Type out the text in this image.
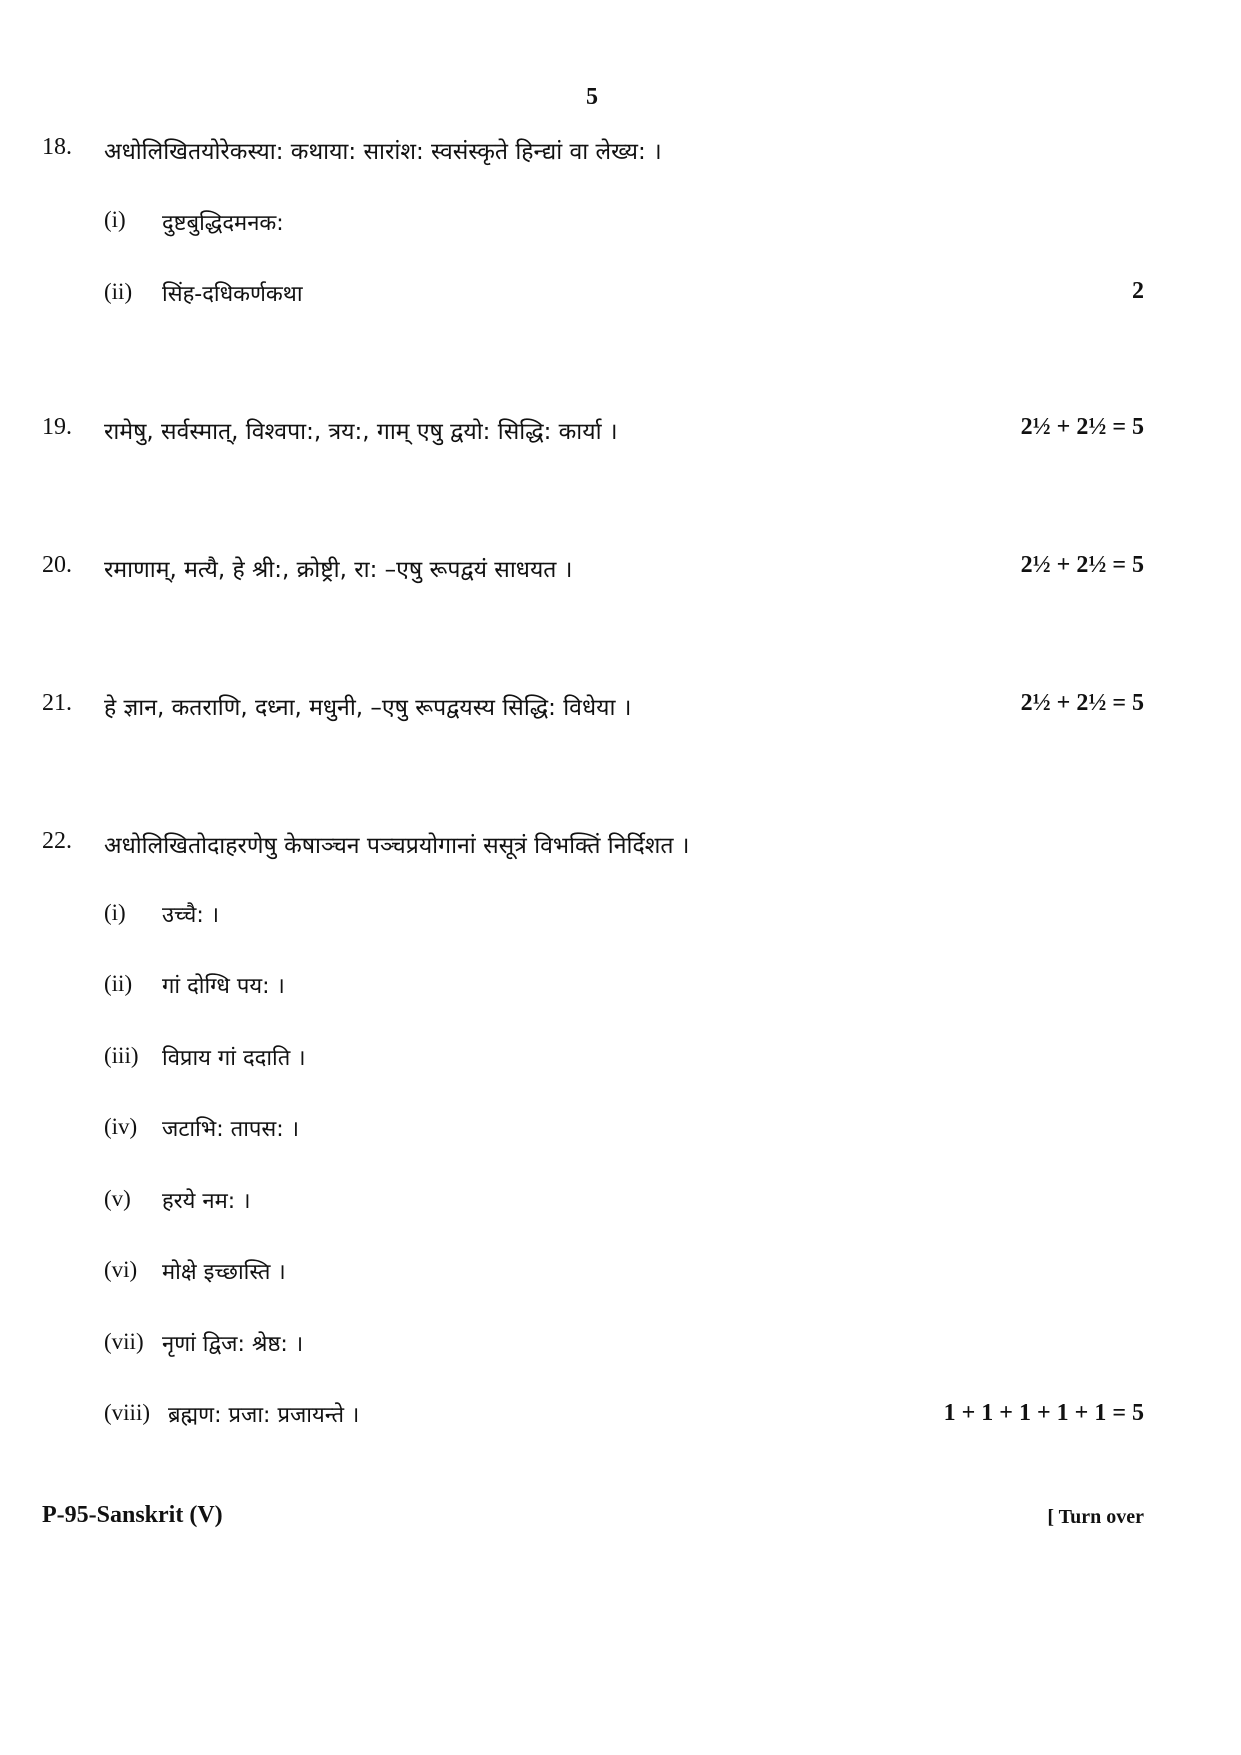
5
18. अधोलिखितयोरेकस्या: कथाया: सारांश: स्वसंस्कृते हिन्द्यां वा लेख्य: ।
(i) दुष्टबुद्धिदमनक:
(ii) सिंह-दधिकर्णकथा	2
19. रामेषु, सर्वस्मात्, विश्वपा:, त्रय:, गाम् एषु द्वयो: सिद्धि: कार्या ।	2½ + 2½ = 5
20. रमाणाम्, मत्यै, हे श्री:, क्रोष्ट्री, रा: –एषु रूपद्वयं साधयत ।	2½ + 2½ = 5
21. हे ज्ञान, कतराणि, दध्ना, मधुनी, –एषु रूपद्वयस्य सिद्धि: विधेया ।	2½ + 2½ = 5
22. अधोलिखितोदाहरणेषु केषाञ्चन पञ्चप्रयोगानां ससूत्रं विभक्तिं निर्दिशत ।
(i) उच्चै: ।
(ii) गां दोग्धि पय: ।
(iii) विप्राय गां ददाति ।
(iv) जटाभि: तापस: ।
(v) हरये नम: ।
(vi) मोक्षे इच्छास्ति ।
(vii) नृणां द्विज: श्रेष्ठ: ।
(viii) ब्रह्मण: प्रजा: प्रजायन्ते ।	1 + 1 + 1 + 1 + 1 = 5
P-95-Sanskrit (V)	[ Turn over
